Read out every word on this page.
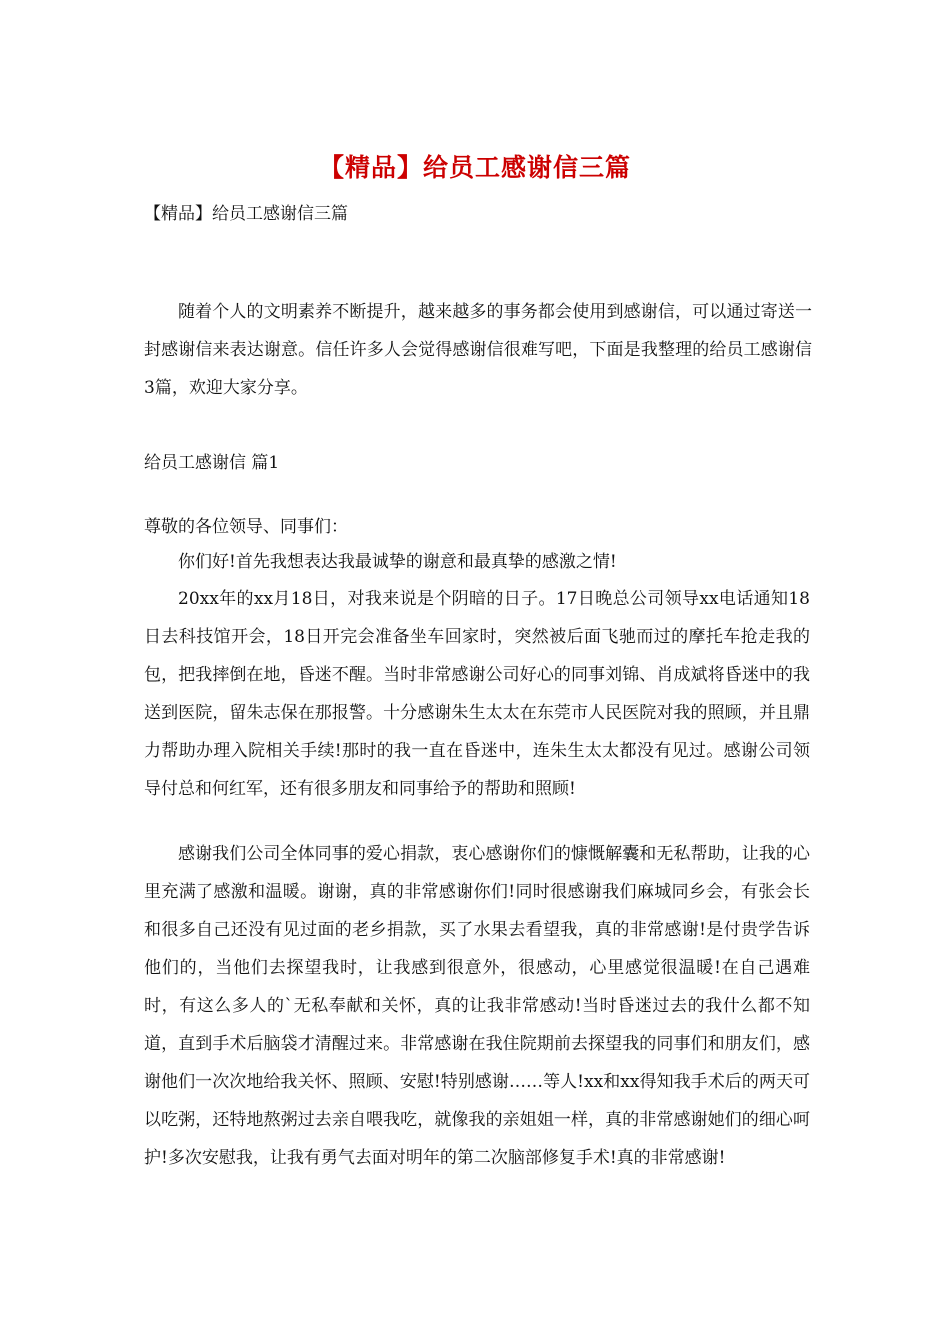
【精品】给员工感谢信三篇

【精品】给员工感谢信三篇

随着个人的文明素养不断提升，越来越多的事务都会使用到感谢信，可以通过寄送一封感谢信来表达谢意。信任许多人会觉得感谢信很难写吧，下面是我整理的给员工感谢信3篇，欢迎大家分享。

给员工感谢信 篇1

尊敬的各位领导、同事们：

你们好!首先我想表达我最诚挚的谢意和最真挚的感激之情!

20xx年的xx月18日，对我来说是个阴暗的日子。17日晚总公司领导xx电话通知18日去科技馆开会，18日开完会准备坐车回家时，突然被后面飞驰而过的摩托车抢走我的包，把我摔倒在地，昏迷不醒。当时非常感谢公司好心的同事刘锦、肖成斌将昏迷中的我送到医院，留朱志保在那报警。十分感谢朱生太太在东莞市人民医院对我的照顾，并且鼎力帮助办理入院相关手续!那时的我一直在昏迷中，连朱生太太都没有见过。感谢公司领导付总和何红军，还有很多朋友和同事给予的帮助和照顾!

感谢我们公司全体同事的爱心捐款，衷心感谢你们的慷慨解囊和无私帮助，让我的心里充满了感激和温暖。谢谢，真的非常感谢你们!同时很感谢我们麻城同乡会，有张会长和很多自己还没有见过面的老乡捐款，买了水果去看望我，真的非常感谢!是付贵学告诉他们的，当他们去探望我时，让我感到很意外，很感动，心里感觉很温暖!在自己遇难时，有这么多人的`无私奉献和关怀，真的让我非常感动!当时昏迷过去的我什么都不知道，直到手术后脑袋才清醒过来。非常感谢在我住院期前去探望我的同事们和朋友们，感谢他们一次次地给我关怀、照顾、安慰!特别感谢……等人!xx和xx得知我手术后的两天可以吃粥，还特地熬粥过去亲自喂我吃，就像我的亲姐姐一样，真的非常感谢她们的细心呵护!多次安慰我，让我有勇气去面对明年的第二次脑部修复手术!真的非常感谢!
